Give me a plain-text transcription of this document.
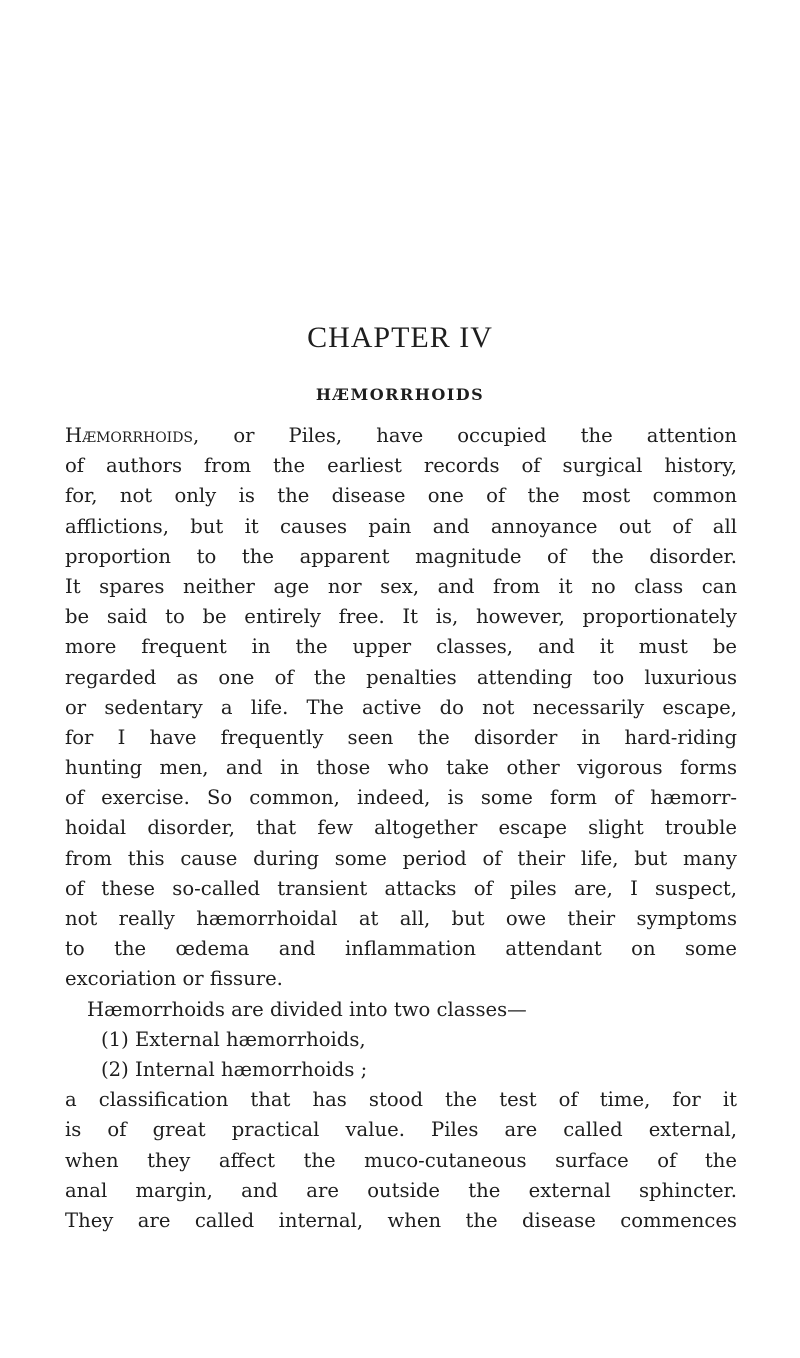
CHAPTER IV
HÆMORRHOIDS
Hæmorrhoids, or Piles, have occupied the attention
of authors from the earliest records of surgical history,
for, not only is the disease one of the most common
afflictions, but it causes pain and annoyance out of all
proportion to the apparent magnitude of the disorder.
It spares neither age nor sex, and from it no class can
be said to be entirely free. It is, however, proportionately
more frequent in the upper classes, and it must be
regarded as one of the penalties attending too luxurious
or sedentary a life. The active do not necessarily escape,
for I have frequently seen the disorder in hard-riding
hunting men, and in those who take other vigorous forms
of exercise. So common, indeed, is some form of hæmorr-
hoidal disorder, that few altogether escape slight trouble
from this cause during some period of their life, but many
of these so-called transient attacks of piles are, I suspect,
not really hæmorrhoidal at all, but owe their symptoms
to the œdema and inflammation attendant on some
excoriation or fissure.
Hæmorrhoids are divided into two classes—
(1) External hæmorrhoids,
(2) Internal hæmorrhoids ;
a classification that has stood the test of time, for it
is of great practical value. Piles are called external,
when they affect the muco-cutaneous surface of the
anal margin, and are outside the external sphincter.
They are called internal, when the disease commences
